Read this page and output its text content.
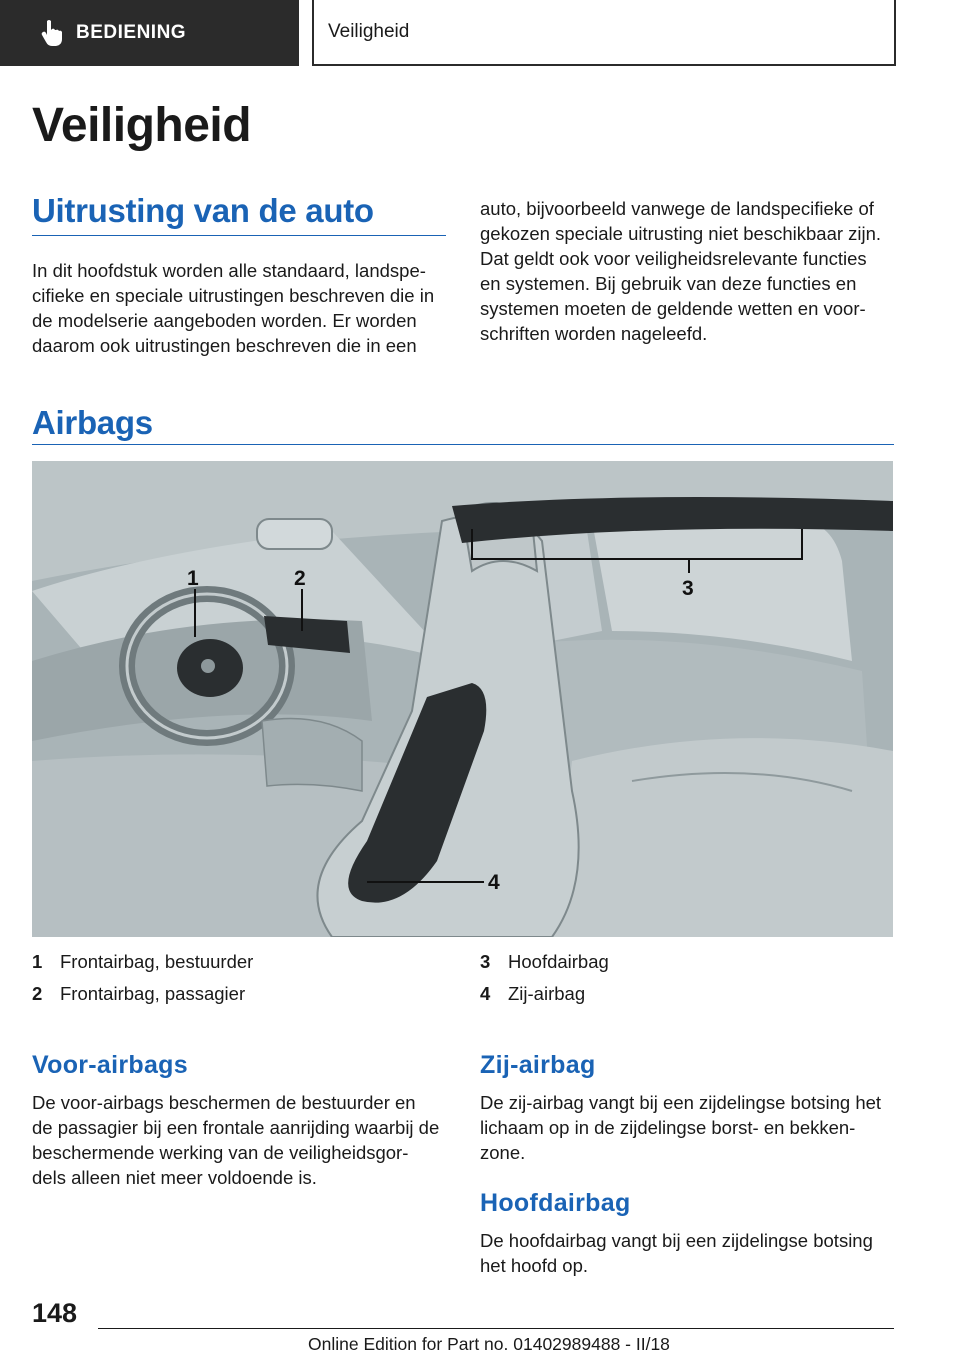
BEDIENING	Veiligheid
Veiligheid
Uitrusting van de auto
In dit hoofdstuk worden alle standaard, landspe-
cifieke en speciale uitrustingen beschreven die in
de modelserie aangeboden worden. Er worden
daarom ook uitrustingen beschreven die in een
auto, bijvoorbeeld vanwege de landspecifieke of
gekozen speciale uitrusting niet beschikbaar zijn.
Dat geldt ook voor veiligheidsrelevante functies
en systemen. Bij gebruik van deze functies en
systemen moeten de geldende wetten en voor-
schriften worden nageleefd.
Airbags
1	2	3
4
1 Frontairbag, bestuurder
2 Frontairbag, passagier
3 Hoofdairbag
4 Zij-airbag
Voor-airbags
De voor-airbags beschermen de bestuurder en
de passagier bij een frontale aanrijding waarbij de
beschermende werking van de veiligheidsgor-
dels alleen niet meer voldoende is.
Zij-airbag
De zij-airbag vangt bij een zijdelingse botsing het
lichaam op in de zijdelingse borst- en bekken-
zone.
Hoofdairbag
De hoofdairbag vangt bij een zijdelingse botsing
het hoofd op.
148
Online Edition for Part no. 01402989488 - II/18
